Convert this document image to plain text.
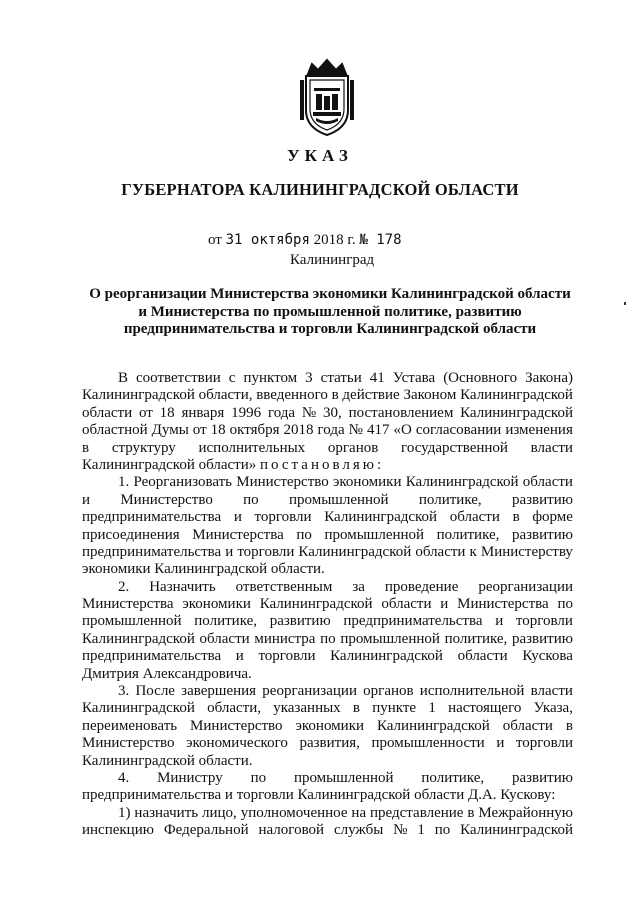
УКАЗ
ГУБЕРНАТОРА КАЛИНИНГРАДСКОЙ ОБЛАСТИ
от 31 октября 2018 г. № 178
Калининград
О реорганизации Министерства экономики Калининградской области
и Министерства по промышленной политике, развитию
предпринимательства и торговли Калининградской области
В соответствии с пунктом 3 статьи 41 Устава (Основного Закона)
Калининградской области, введенного в действие Законом Калининградской
области от 18 января 1996 года № 30, постановлением Калининградской
областной Думы от 18 октября 2018 года № 417 «О согласовании изменения
в структуру исполнительных органов государственной власти
Калининградской области» постановляю:
1. Реорганизовать Министерство экономики Калининградской области
и Министерство по промышленной политике, развитию
предпринимательства и торговли Калининградской области в форме
присоединения Министерства по промышленной политике, развитию
предпринимательства и торговли Калининградской области к Министерству
экономики Калининградской области.
2. Назначить ответственным за проведение реорганизации
Министерства экономики Калининградской области и Министерства по
промышленной политике, развитию предпринимательства и торговли
Калининградской области министра по промышленной политике, развитию
предпринимательства и торговли Калининградской области Кускова
Дмитрия Александровича.
3. После завершения реорганизации органов исполнительной власти
Калининградской области, указанных в пункте 1 настоящего Указа,
переименовать Министерство экономики Калининградской области в
Министерство экономического развития, промышленности и торговли
Калининградской области.
4. Министру по промышленной политике, развитию
предпринимательства и торговли Калининградской области Д.А. Кускову:
1) назначить лицо, уполномоченное на представление в Межрайонную
инспекцию Федеральной налоговой службы № 1 по Калининградской
